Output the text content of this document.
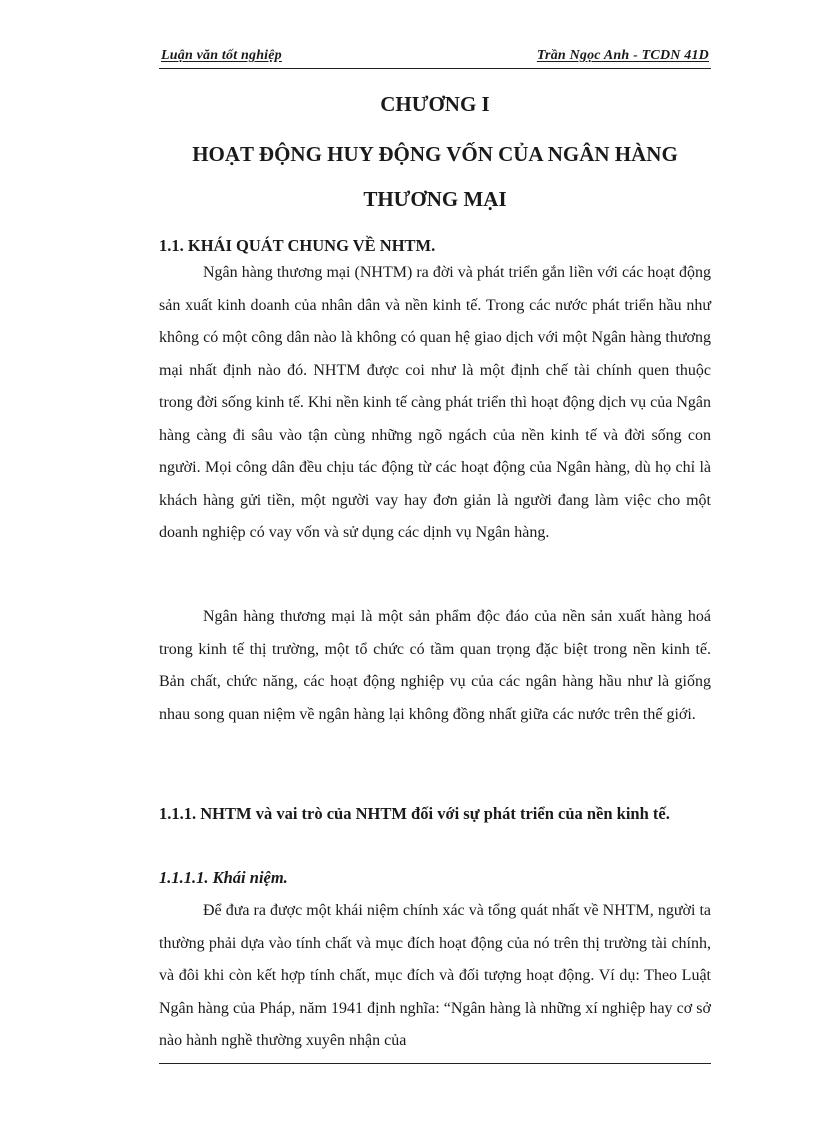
Luận văn tốt nghiệp	Trần Ngọc Anh - TCDN 41D
CHƯƠNG I
HOẠT ĐỘNG HUY ĐỘNG VỐN CỦA NGÂN HÀNG
THƯƠNG MẠI
1.1. KHÁI QUÁT CHUNG VỀ NHTM.

Ngân hàng thương mại (NHTM) ra đời và phát triển gắn liền với các hoạt động sản xuất kinh doanh của nhân dân và nền kinh tế. Trong các nước phát triển hầu như không có một công dân nào là không có quan hệ giao dịch với một Ngân hàng thương mại nhất định nào đó. NHTM được coi như là một định chế tài chính quen thuộc trong đời sống kinh tế. Khi nền kinh tế càng phát triển thì hoạt động dịch vụ của Ngân hàng càng đi sâu vào tận cùng những ngõ ngách của nền kinh tế và đời sống con người. Mọi công dân đều chịu tác động từ các hoạt động của Ngân hàng, dù họ chỉ là khách hàng gửi tiền, một người vay hay đơn giản là người đang làm việc cho một doanh nghiệp có vay vốn và sử dụng các dịnh vụ Ngân hàng.

Ngân hàng thương mại là một sản phẩm độc đáo của nền sản xuất hàng hoá trong kinh tế thị trường, một tổ chức có tầm quan trọng đặc biệt trong nền kinh tế. Bản chất, chức năng, các hoạt động nghiệp vụ của các ngân hàng hầu như là giống nhau song quan niệm về ngân hàng lại không đồng nhất giữa các nước trên thế giới.

1.1.1. NHTM và vai trò của NHTM đối với sự phát triển của nền kinh tế.
1.1.1.1. Khái niệm.

Để đưa ra được một khái niệm chính xác và tổng quát nhất về NHTM, người ta thường phải dựa vào tính chất và mục đích hoạt động của nó trên thị trường tài chính, và đôi khi còn kết hợp tính chất, mục đích và đối tượng hoạt động. Ví dụ: Theo Luật Ngân hàng của Pháp, năm 1941 định nghĩa: “Ngân hàng là những xí nghiệp hay cơ sở nào hành nghề thường xuyên nhận của
